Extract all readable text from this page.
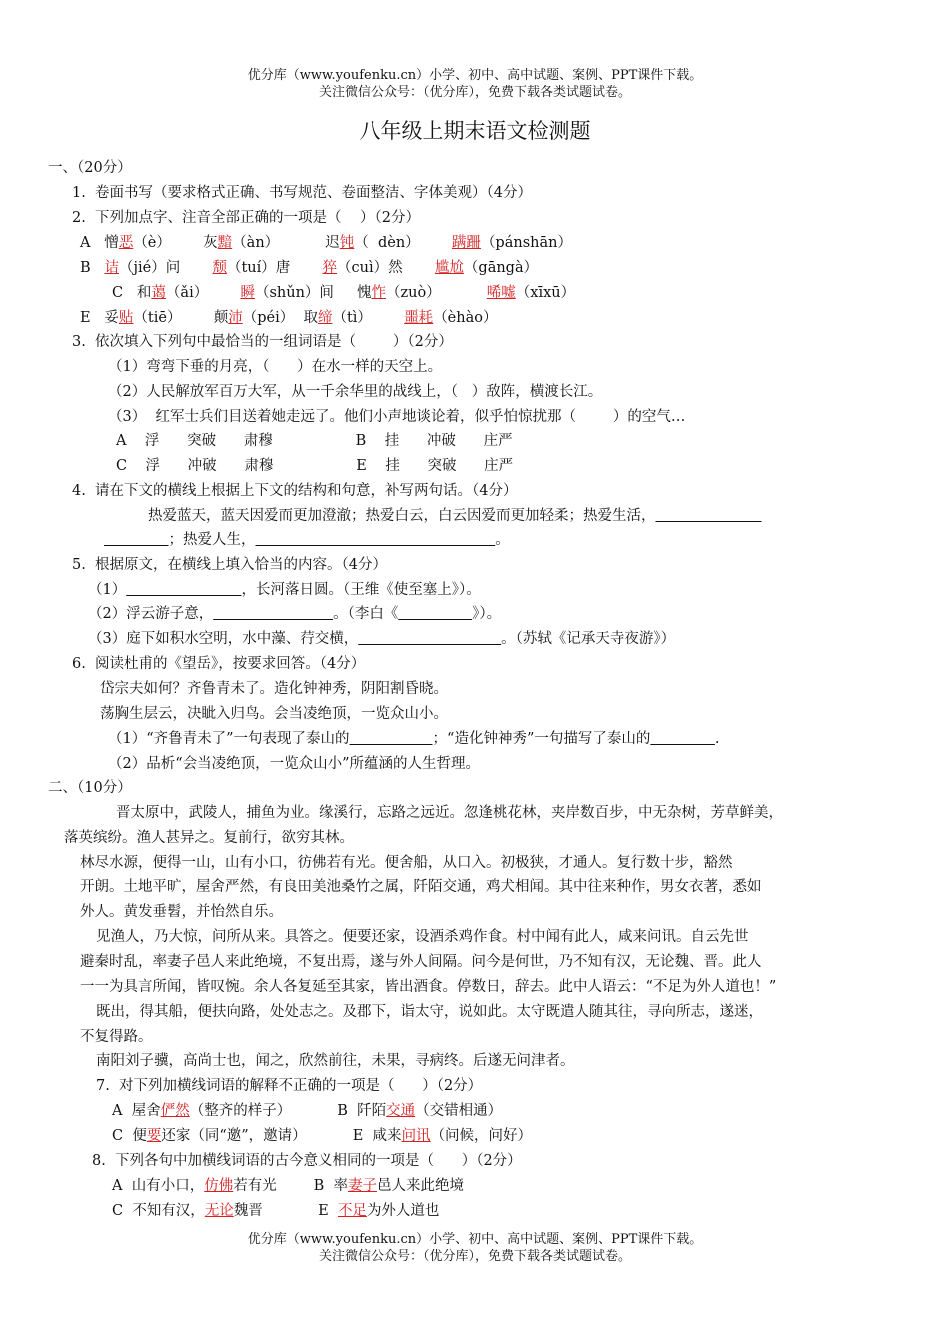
优分库（www.youfenku.cn）小学、初中、高中试题、案例、PPT课件下载。
关注微信公众号：（优分库），免费下载各类试题试卷。
八年级上期末语文检测题
一、（20分）
1.  卷面书写（要求格式正确、书写规范、卷面整洁、字体美观）（4分）
2.  下列加点字、注音全部正确的一项是（    ）（2分）
A   憎恶（è）       灰黯（àn）          迟钝（  dèn）       蹒跚（pánshān）
B   诘（jié）问       颓（tuí）唐       猝（cuì）然       尴尬（gāngà）
C   和蔼（ǎi）       瞬（shǔn）间     愧怍（zuò）          唏嘘（xīxū）
E   妥贴（tiē）       颠沛（péi）  取缔（tì）       噩耗（èhào）
3.  依次填入下列句中最恰当的一组词语是（        ）（2分）
（1）弯弯下垂的月亮，（      ）在水一样的天空上。
（2）人民解放军百万大军，从一千余华里的战线上，（   ）敌阵，横渡长江。
（3）  红军士兵们目送着她走远了。他们小声地谈论着，似乎怕惊扰那（        ）的空气…
A    浮      突破      肃穆                  B    挂      冲破      庄严
C    浮      冲破      肃穆                  E    挂      突破      庄严
4.  请在下文的横线上根据上下文的结构和句意，补写两句话。（4分）
热爱蓝天，蓝天因爱而更加澄澈；热爱白云，白云因爱而更加轻柔；热爱生活，
；热爱人生，	。
5.  根据原文，在横线上填入恰当的内容。（4分）
（1）	，长河落日圆。（王维《使至塞上》）。
（2）浮云游子意，	。（李白《	》）。
（3）庭下如积水空明，水中藻、荇交横，	。（苏轼《记承天寺夜游》）
6.  阅读杜甫的《望岳》，按要求回答。（4分）
岱宗夫如何？齐鲁青未了。造化钟神秀，阴阳割昏晓。
荡胸生层云，决眦入归鸟。会当凌绝顶，一览众山小。
（1）“齐鲁青未了”一句表现了泰山的	；“造化钟神秀”一句描写了泰山的	.
（2）品析“会当凌绝顶，一览众山小”所蕴涵的人生哲理。
二、（10分）
晋太原中，武陵人，捕鱼为业。缘溪行，忘路之远近。忽逢桃花林，夹岸数百步，中无杂树，芳草鲜美，
落英缤纷。渔人甚异之。复前行，欲穷其林。
林尽水源，便得一山，山有小口，彷佛若有光。便舍船，从口入。初极狭，才通人。复行数十步，豁然
开朗。土地平旷，屋舍严然，有良田美池桑竹之属，阡陌交通，鸡犬相闻。其中往来种作，男女衣著，悉如
外人。黄发垂髫，并怡然自乐。
见渔人，乃大惊，问所从来。具答之。便要还家，设酒杀鸡作食。村中闻有此人，咸来问讯。自云先世
避秦时乱，率妻子邑人来此绝境，不复出焉，遂与外人间隔。问今是何世，乃不知有汉，无论魏、晋。此人
一一为具言所闻，皆叹惋。余人各复延至其家，皆出酒食。停数日，辞去。此中人语云：“不足为外人道也！”
既出，得其船，便扶向路，处处志之。及郡下，诣太守，说如此。太守既遣人随其往，寻向所志，遂迷，
不复得路。
南阳刘子骥，高尚士也，闻之，欣然前往，未果，寻病终。后遂无问津者。
7.  对下列加横线词语的解释不正确的一项是（      ）（2分）
A  屋舍俨然（整齐的样子）          B  阡陌交通（交错相通）
C  便要还家（同“邀”，邀请）          E  咸来问讯（问候，问好）
8.  下列各句中加横线词语的古今意义相同的一项是（      ）（2分）
A  山有小口，仿佛若有光        B  率妻子邑人来此绝境
C  不知有汉，无论魏晋            E  不足为外人道也
优分库（www.youfenku.cn）小学、初中、高中试题、案例、PPT课件下载。
关注微信公众号：（优分库），免费下载各类试题试卷。
